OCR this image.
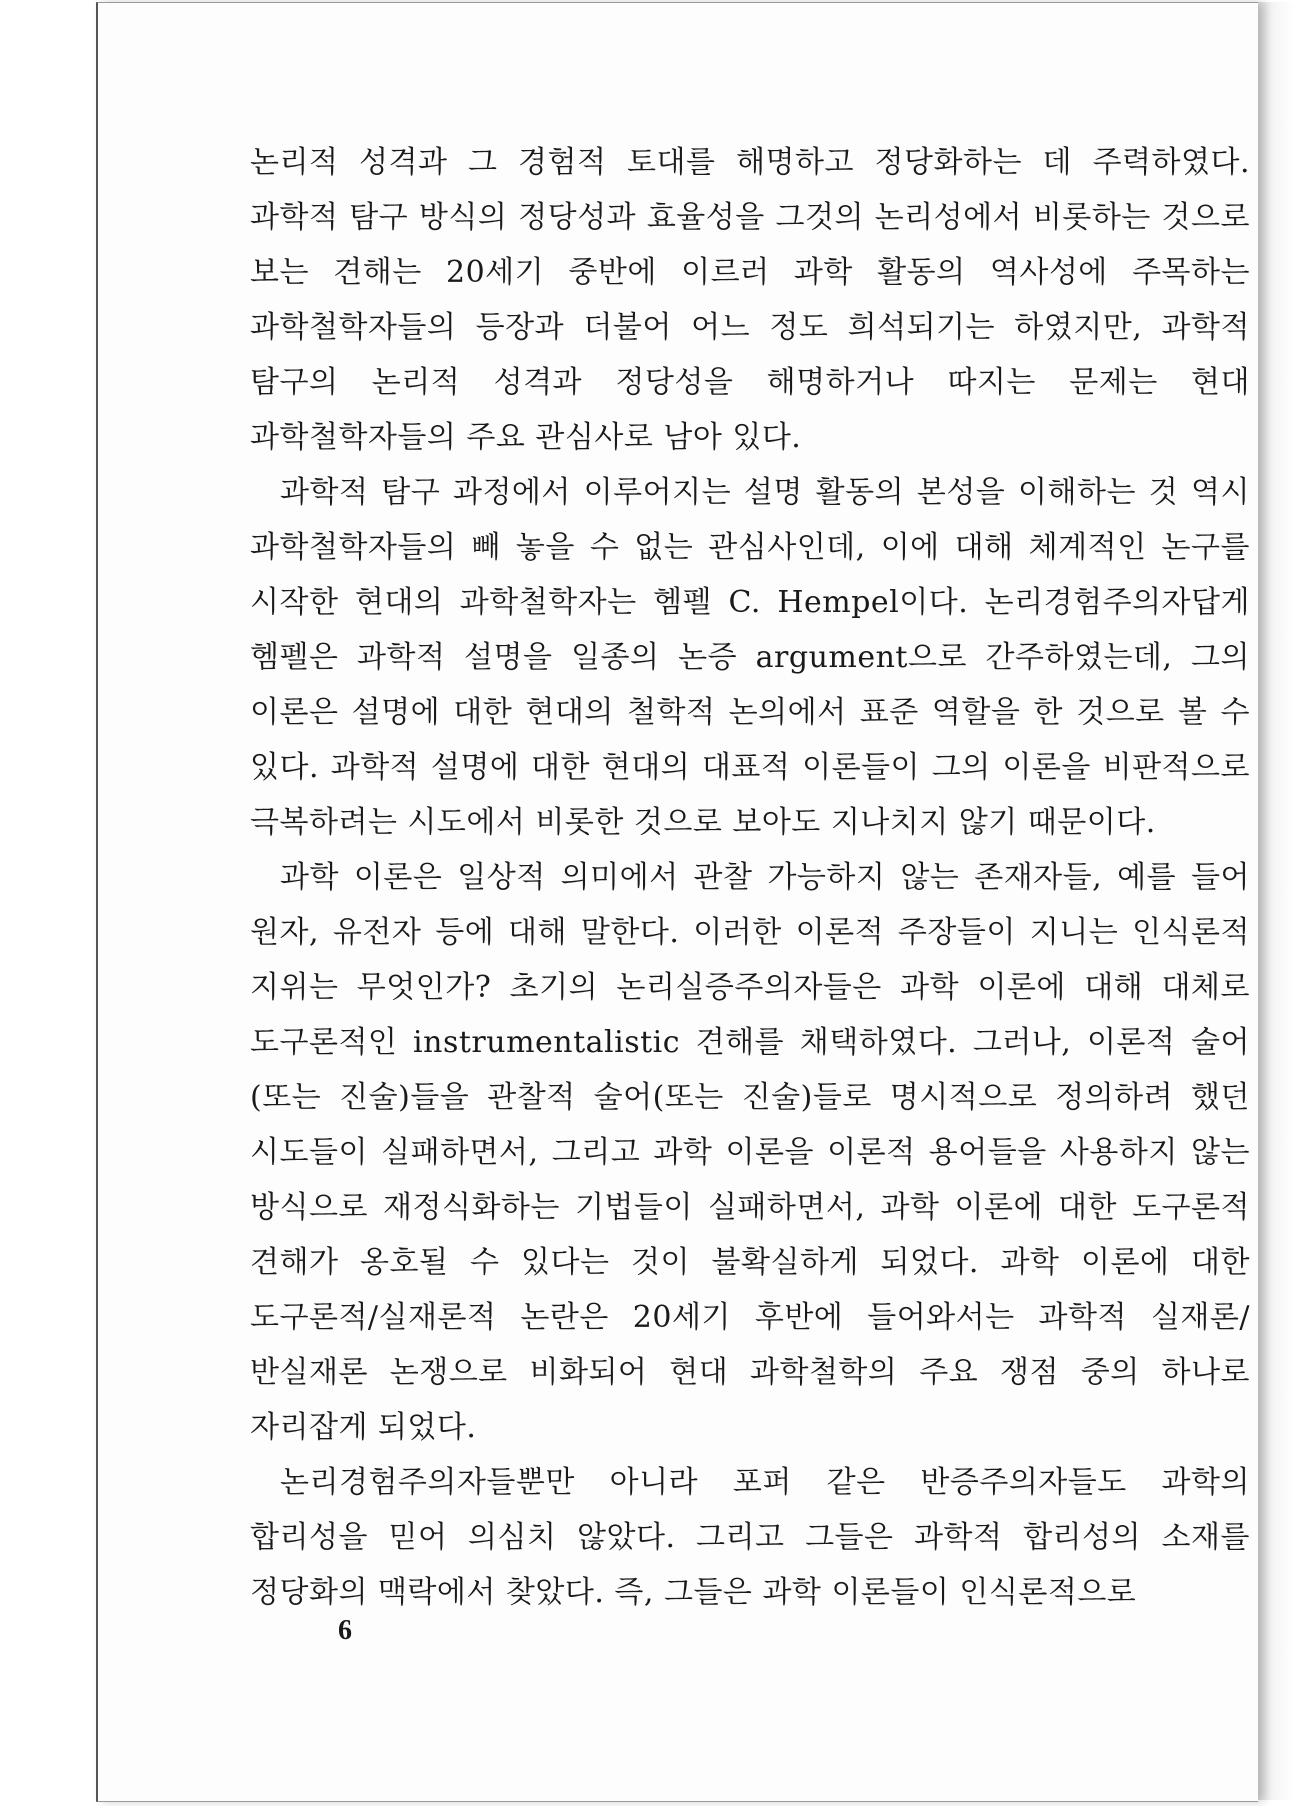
논리적 성격과 그 경험적 토대를 해명하고 정당화하는 데 주력하였다. 과학적 탐구 방식의 정당성과 효율성을 그것의 논리성에서 비롯하는 것으로 보는 견해는 20세기 중반에 이르러 과학 활동의 역사성에 주목하는 과학철학자들의 등장과 더불어 어느 정도 희석되기는 하였지만, 과학적 탐구의 논리적 성격과 정당성을 해명하거나 따지는 문제는 현대 과학철학자들의 주요 관심사로 남아 있다.

과학적 탐구 과정에서 이루어지는 설명 활동의 본성을 이해하는 것 역시 과학철학자들의 빼 놓을 수 없는 관심사인데, 이에 대해 체계적인 논구를 시작한 현대의 과학철학자는 헴펠 C. Hempel이다. 논리경험주의자답게 헴펠은 과학적 설명을 일종의 논증 argument으로 간주하였는데, 그의 이론은 설명에 대한 현대의 철학적 논의에서 표준 역할을 한 것으로 볼 수 있다. 과학적 설명에 대한 현대의 대표적 이론들이 그의 이론을 비판적으로 극복하려는 시도에서 비롯한 것으로 보아도 지나치지 않기 때문이다.

과학 이론은 일상적 의미에서 관찰 가능하지 않는 존재자들, 예를 들어 원자, 유전자 등에 대해 말한다. 이러한 이론적 주장들이 지니는 인식론적 지위는 무엇인가? 초기의 논리실증주의자들은 과학 이론에 대해 대체로 도구론적인 instrumentalistic 견해를 채택하였다. 그러나, 이론적 술어(또는 진술)들을 관찰적 술어(또는 진술)들로 명시적으로 정의하려 했던 시도들이 실패하면서, 그리고 과학 이론을 이론적 용어들을 사용하지 않는 방식으로 재정식화하는 기법들이 실패하면서, 과학 이론에 대한 도구론적 견해가 옹호될 수 있다는 것이 불확실하게 되었다. 과학 이론에 대한 도구론적/실재론적 논란은 20세기 후반에 들어와서는 과학적 실재론/반실재론 논쟁으로 비화되어 현대 과학철학의 주요 쟁점 중의 하나로 자리잡게 되었다.

논리경험주의자들뿐만 아니라 포퍼 같은 반증주의자들도 과학의 합리성을 믿어 의심치 않았다. 그리고 그들은 과학적 합리성의 소재를 정당화의 맥락에서 찾았다. 즉, 그들은 과학 이론들이 인식론적으로

6
